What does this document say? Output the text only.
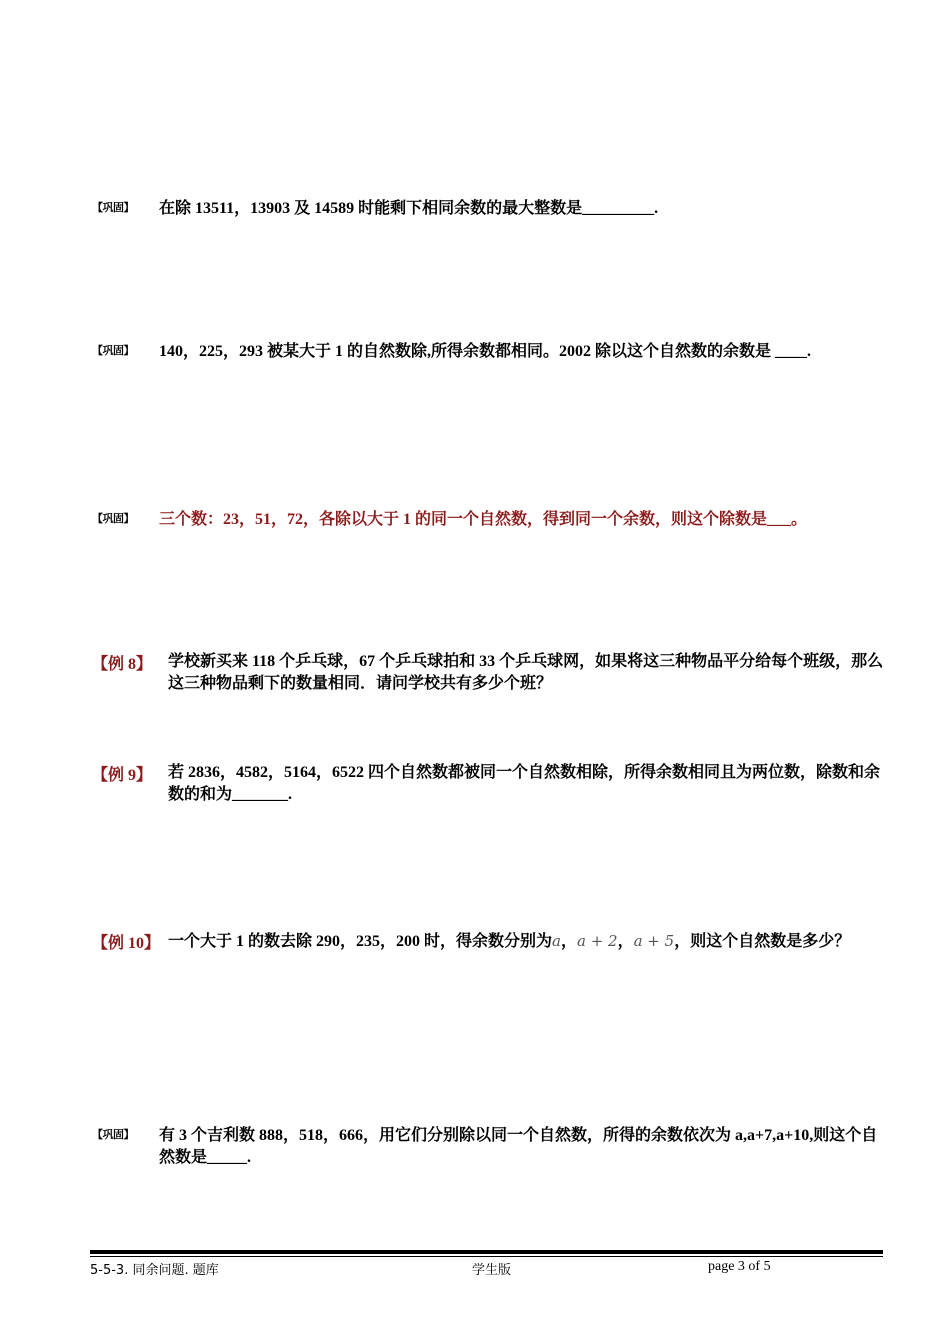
【巩固】 在除 13511，13903 及 14589 时能剩下相同余数的最大整数是_________.
【巩固】 140，225，293 被某大于 1 的自然数除,所得余数都相同。2002 除以这个自然数的余数是 ____.
【巩固】 三个数：23，51，72，各除以大于 1 的同一个自然数，得到同一个余数，则这个除数是___。
【例 8】 学校新买来 118 个乒乓球，67 个乒乓球拍和 33 个乒乓球网，如果将这三种物品平分给每个班级，那么这三种物品剩下的数量相同．请问学校共有多少个班？
【例 9】 若 2836，4582，5164，6522 四个自然数都被同一个自然数相除，所得余数相同且为两位数，除数和余数的和为_______.
【例 10】 一个大于 1 的数去除 290，235，200 时，得余数分别为a，a + 2，a + 5，则这个自然数是多少？
【巩固】 有 3 个吉利数 888，518，666，用它们分别除以同一个自然数，所得的余数依次为 a,a+7,a+10,则这个自然数是_____.
5-5-3. 同余问题. 题库	学生版	page 3 of 5
